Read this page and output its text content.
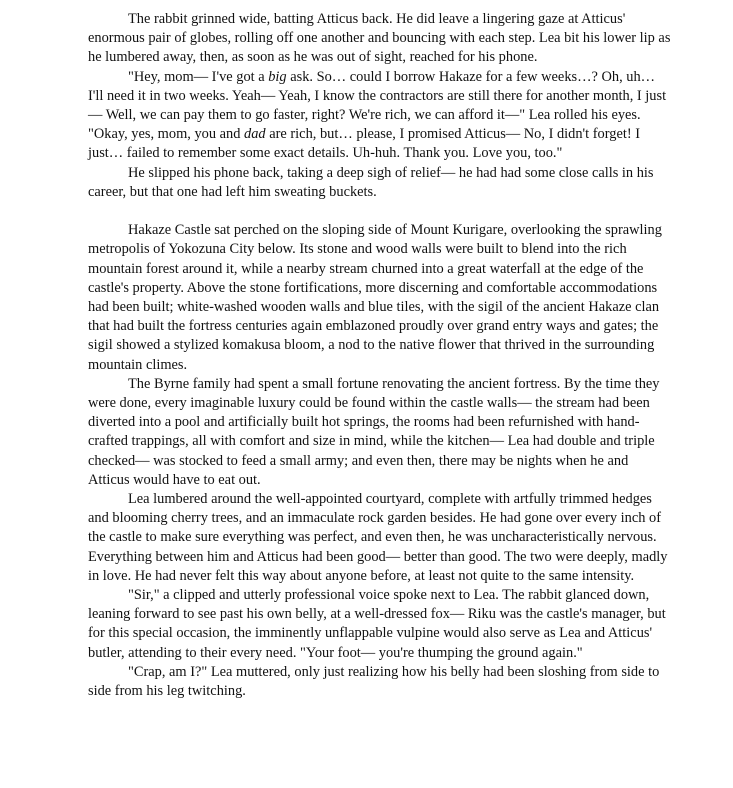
The rabbit grinned wide, batting Atticus back. He did leave a lingering gaze at Atticus' enormous pair of globes, rolling off one another and bouncing with each step. Lea bit his lower lip as he lumbered away, then, as soon as he was out of sight, reached for his phone.

"Hey, mom— I've got a big ask. So… could I borrow Hakaze for a few weeks…? Oh, uh… I'll need it in two weeks. Yeah— Yeah, I know the contractors are still there for another month, I just— Well, we can pay them to go faster, right? We're rich, we can afford it—" Lea rolled his eyes. "Okay, yes, mom, you and dad are rich, but… please, I promised Atticus— No, I didn't forget! I just… failed to remember some exact details. Uh-huh. Thank you. Love you, too."

He slipped his phone back, taking a deep sigh of relief— he had had some close calls in his career, but that one had left him sweating buckets.

Hakaze Castle sat perched on the sloping side of Mount Kurigare, overlooking the sprawling metropolis of Yokozuna City below. Its stone and wood walls were built to blend into the rich mountain forest around it, while a nearby stream churned into a great waterfall at the edge of the castle's property. Above the stone fortifications, more discerning and comfortable accommodations had been built; white-washed wooden walls and blue tiles, with the sigil of the ancient Hakaze clan that had built the fortress centuries again emblazoned proudly over grand entry ways and gates; the sigil showed a stylized komakusa bloom, a nod to the native flower that thrived in the surrounding mountain climes.

The Byrne family had spent a small fortune renovating the ancient fortress. By the time they were done, every imaginable luxury could be found within the castle walls— the stream had been diverted into a pool and artificially built hot springs, the rooms had been refurnished with hand-crafted trappings, all with comfort and size in mind, while the kitchen— Lea had double and triple checked— was stocked to feed a small army; and even then, there may be nights when he and Atticus would have to eat out.

Lea lumbered around the well-appointed courtyard, complete with artfully trimmed hedges and blooming cherry trees, and an immaculate rock garden besides. He had gone over every inch of the castle to make sure everything was perfect, and even then, he was uncharacteristically nervous. Everything between him and Atticus had been good— better than good. The two were deeply, madly in love. He had never felt this way about anyone before, at least not quite to the same intensity.

"Sir," a clipped and utterly professional voice spoke next to Lea. The rabbit glanced down, leaning forward to see past his own belly, at a well-dressed fox— Riku was the castle's manager, but for this special occasion, the imminently unflappable vulpine would also serve as Lea and Atticus' butler, attending to their every need. "Your foot— you're thumping the ground again."

"Crap, am I?" Lea muttered, only just realizing how his belly had been sloshing from side to side from his leg twitching.
